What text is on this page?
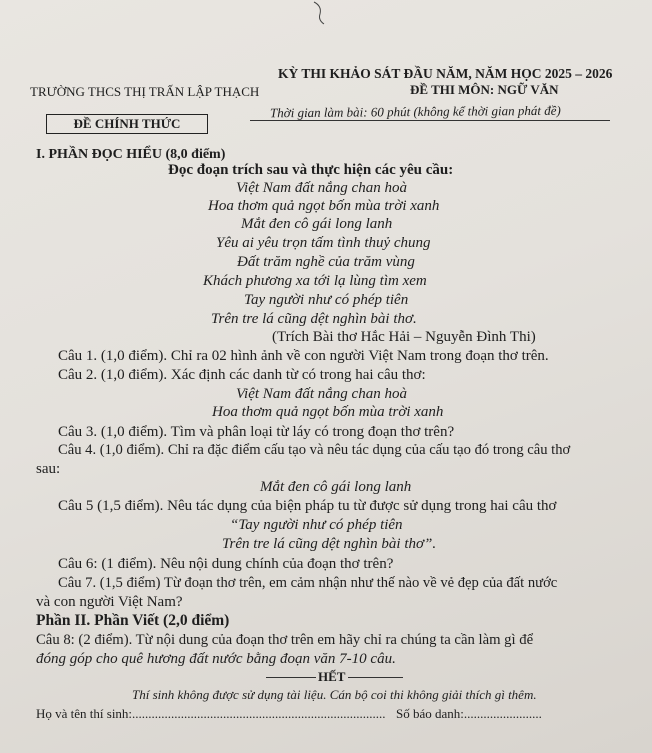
TRƯỜNG THCS THỊ TRẤN LẬP THẠCH
KỲ THI KHẢO SÁT ĐẦU NĂM, NĂM HỌC 2025 – 2026
ĐỀ THI MÔN: NGỮ VĂN
ĐỀ CHÍNH THỨC
Thời gian làm bài: 60 phút (không kể thời gian phát đề)
I. PHẦN ĐỌC HIỂU (8,0 điểm)
Đọc đoạn trích sau và thực hiện các yêu cầu:
Việt Nam đất nắng chan hoà
Hoa thơm quả ngọt bốn mùa trời xanh
Mắt đen cô gái long lanh
Yêu ai yêu trọn tấm tình thuỷ chung
Đất trăm nghề của trăm vùng
Khách phương xa tới lạ lùng tìm xem
Tay người như có phép tiên
Trên tre lá cũng dệt nghìn bài thơ.
(Trích Bài thơ Hắc Hải – Nguyễn Đình Thi)
Câu 1. (1,0 điểm). Chỉ ra 02 hình ảnh về con người Việt Nam trong đoạn thơ trên.
Câu 2. (1,0 điểm). Xác định các danh từ có trong hai câu thơ:
Việt Nam đất nắng chan hoà
Hoa thơm quả ngọt bốn mùa trời xanh
Câu 3. (1,0 điểm). Tìm và phân loại từ láy có trong đoạn thơ trên?
Câu 4. (1,0 điểm). Chỉ ra đặc điểm cấu tạo và nêu tác dụng của cấu tạo đó trong câu thơ
sau:
Mắt đen cô gái long lanh
Câu 5 (1,5 điểm). Nêu tác dụng của biện pháp tu từ được sử dụng trong hai câu thơ
“Tay người như có phép tiên
Trên tre lá cũng dệt nghìn bài thơ”.
Câu 6: (1 điểm). Nêu nội dung chính của đoạn thơ trên?
Câu 7. (1,5 điểm) Từ đoạn thơ trên, em cảm nhận như thế nào về vẻ đẹp của đất nước
và con người Việt Nam?
Phần II. Phần Viết (2,0 điểm)
Câu 8: (2 điểm). Từ nội dung của đoạn thơ trên em hãy chỉ ra chúng ta cần làm gì để
đóng góp cho quê hương đất nước bằng đoạn văn 7-10 câu.
HẾT
Thí sinh không được sử dụng tài liệu. Cán bộ coi thi không giải thích gì thêm.
Họ và tên thí sinh:.............................................................................. Số báo danh:........................
